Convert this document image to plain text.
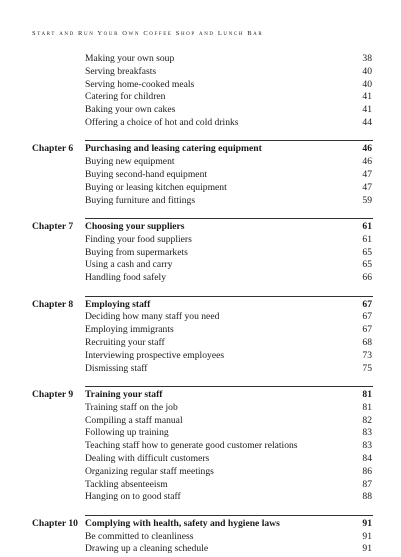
Start and Run Your Own Coffee Shop and Lunch Bar
Making your own soup	38
Serving breakfasts	40
Serving home-cooked meals	40
Catering for children	41
Baking your own cakes	41
Offering a choice of hot and cold drinks	44
Chapter 6 Purchasing and leasing catering equipment	46
Buying new equipment	46
Buying second-hand equipment	47
Buying or leasing kitchen equipment	47
Buying furniture and fittings	59
Chapter 7 Choosing your suppliers	61
Finding your food suppliers	61
Buying from supermarkets	65
Using a cash and carry	65
Handling food safely	66
Chapter 8 Employing staff	67
Deciding how many staff you need	67
Employing immigrants	67
Recruiting your staff	68
Interviewing prospective employees	73
Dismissing staff	75
Chapter 9 Training your staff	81
Training staff on the job	81
Compiling a staff manual	82
Following up training	83
Teaching staff how to generate good customer relations	83
Dealing with difficult customers	84
Organizing regular staff meetings	86
Tackling absenteeism	87
Hanging on to good staff	88
Chapter 10 Complying with health, safety and hygiene laws	91
Be committed to cleanliness	91
Drawing up a cleaning schedule	91
